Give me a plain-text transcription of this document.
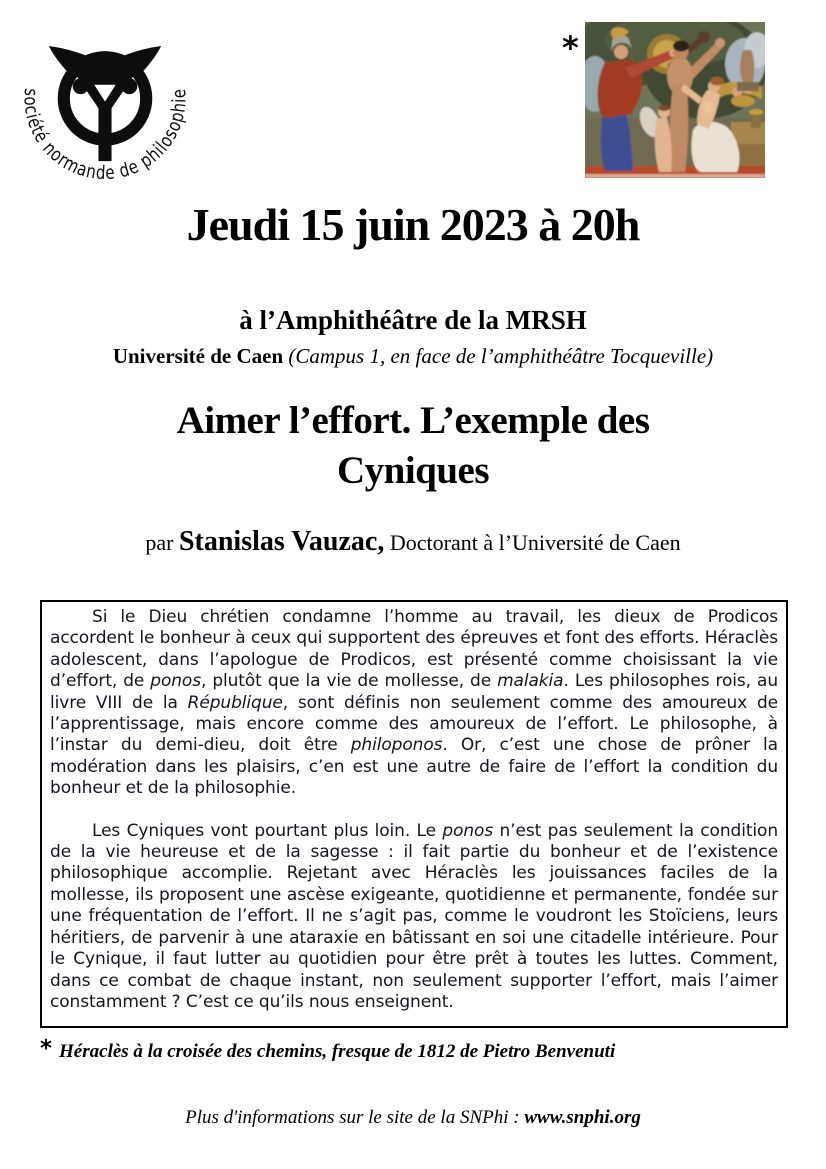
société normande de philosophie
*
Jeudi 15 juin 2023 à 20h
à l’Amphithéâtre de la MRSH
Université de Caen (Campus 1, en face de l’amphithéâtre Tocqueville)
Aimer l’effort. L’exemple des
Cyniques
par Stanislas Vauzac, Doctorant à l’Université de Caen

Si le Dieu chrétien condamne l’homme au travail, les dieux de Prodicos accordent le bonheur à ceux qui supportent des épreuves et font des efforts. Héraclès adolescent, dans l’apologue de Prodicos, est présenté comme choisissant la vie d’effort, de ponos, plutôt que la vie de mollesse, de malakia. Les philosophes rois, au livre VIII de la République, sont définis non seulement comme des amoureux de l’apprentissage, mais encore comme des amoureux de l’effort. Le philosophe, à l’instar du demi-dieu, doit être philoponos. Or, c’est une chose de prôner la modération dans les plaisirs, c’en est une autre de faire de l’effort la condition du bonheur et de la philosophie.

Les Cyniques vont pourtant plus loin. Le ponos n’est pas seulement la condition de la vie heureuse et de la sagesse : il fait partie du bonheur et de l’existence philosophique accomplie. Rejetant avec Héraclès les jouissances faciles de la mollesse, ils proposent une ascèse exigeante, quotidienne et permanente, fondée sur une fréquentation de l’effort. Il ne s’agit pas, comme le voudront les Stoïciens, leurs héritiers, de parvenir à une ataraxie en bâtissant en soi une citadelle intérieure. Pour le Cynique, il faut lutter au quotidien pour être prêt à toutes les luttes. Comment, dans ce combat de chaque instant, non seulement supporter l’effort, mais l’aimer constamment ? C’est ce qu’ils nous enseignent.

* Héraclès à la croisée des chemins, fresque de 1812 de Pietro Benvenuti
Plus d'informations sur le site de la SNPhi : www.snphi.org
